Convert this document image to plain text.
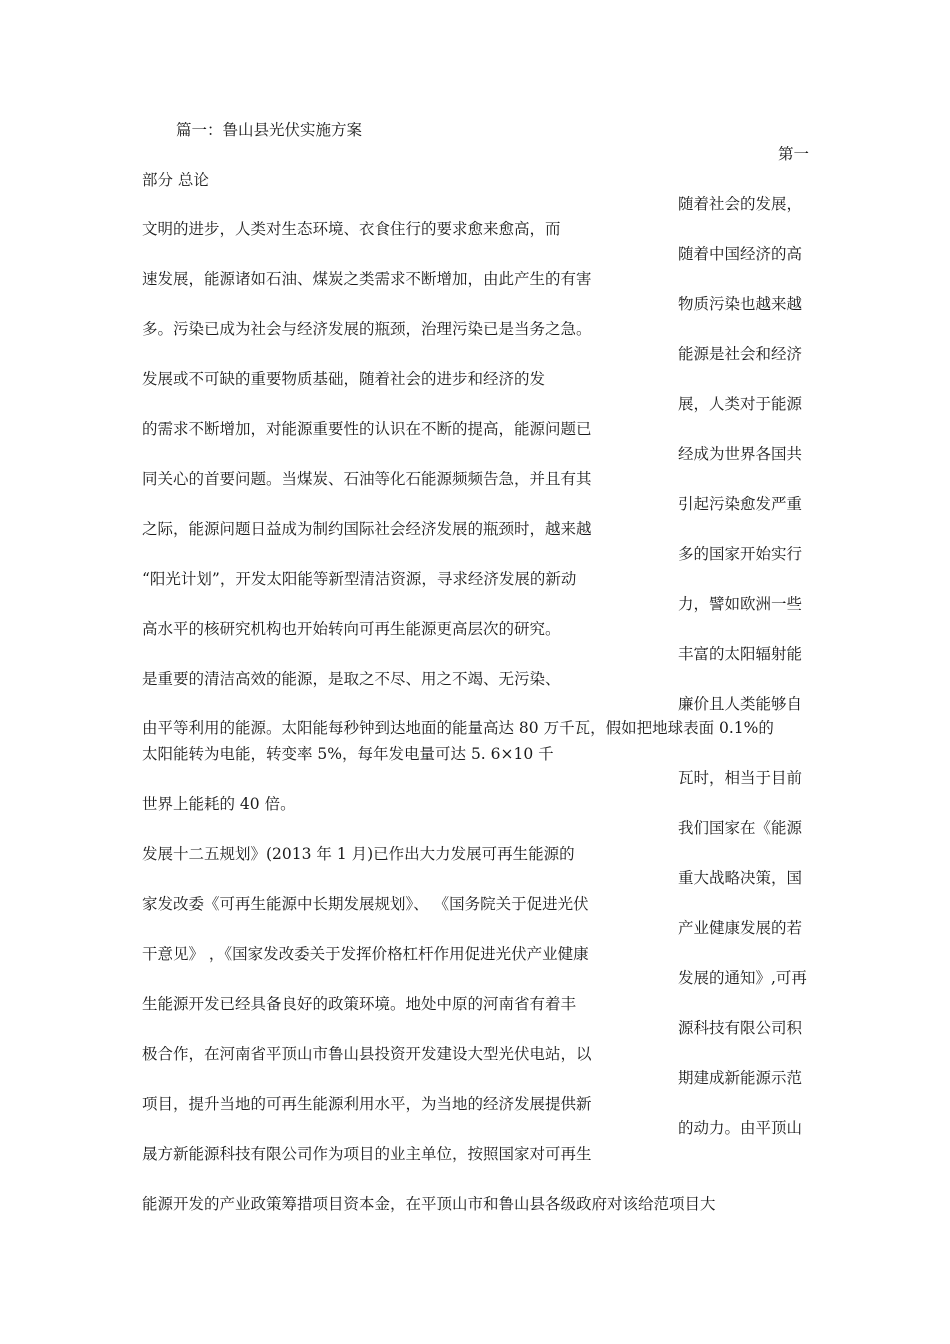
篇一：鲁山县光伏实施方案

第一

随着社会的发展，

随着中国经济的高

物质污染也越来越

能源是社会和经济

展，人类对于能源

经成为世界各国共

引起污染愈发严重

多的国家开始实行

力，譬如欧洲一些

丰富的太阳辐射能

廉价且人类能够自

瓦时，相当于目前

我们国家在《能源

重大战略决策，国

产业健康发展的若

发展的通知》,可再

源科技有限公司积

期建成新能源示范

的动力。由平顶山

部分 总论

文明的进步，人类对生态环境、衣食住行的要求愈来愈高，而

速发展，能源诸如石油、煤炭之类需求不断增加，由此产生的有害

多。污染已成为社会与经济发展的瓶颈，治理污染已是当务之急。

发展或不可缺的重要物质基础，随着社会的进步和经济的发

的需求不断增加，对能源重要性的认识在不断的提高，能源问题已

同关心的首要问题。当煤炭、石油等化石能源频频告急，并且有其

之际，能源问题日益成为制约国际社会经济发展的瓶颈时，越来越

“阳光计划”，开发太阳能等新型清洁资源，寻求经济发展的新动

高水平的核研究机构也开始转向可再生能源更高层次的研究。

是重要的清洁高效的能源，是取之不尽、用之不竭、无污染、

由平等利用的能源。太阳能每秒钟到达地面的能量高达 80 万千瓦，假如把地球表面 0.1%的

太阳能转为电能，转变率 5%，每年发电量可达 5. 6×10 千

世界上能耗的 40 倍。

发展十二五规划》(2013 年 1 月)已作出大力发展可再生能源的

家发改委《可再生能源中长期发展规划》、 《国务院关于促进光伏

干意见》 ，《国家发改委关于发挥价格杠杆作用促进光伏产业健康

生能源开发已经具备良好的政策环境。地处中原的河南省有着丰

极合作，在河南省平顶山市鲁山县投资开发建设大型光伏电站，以

项目，提升当地的可再生能源利用水平，为当地的经济发展提供新

晟方新能源科技有限公司作为项目的业主单位，按照国家对可再生

能源开发的产业政策筹措项目资本金，在平顶山市和鲁山县各级政府对该给范项目大
